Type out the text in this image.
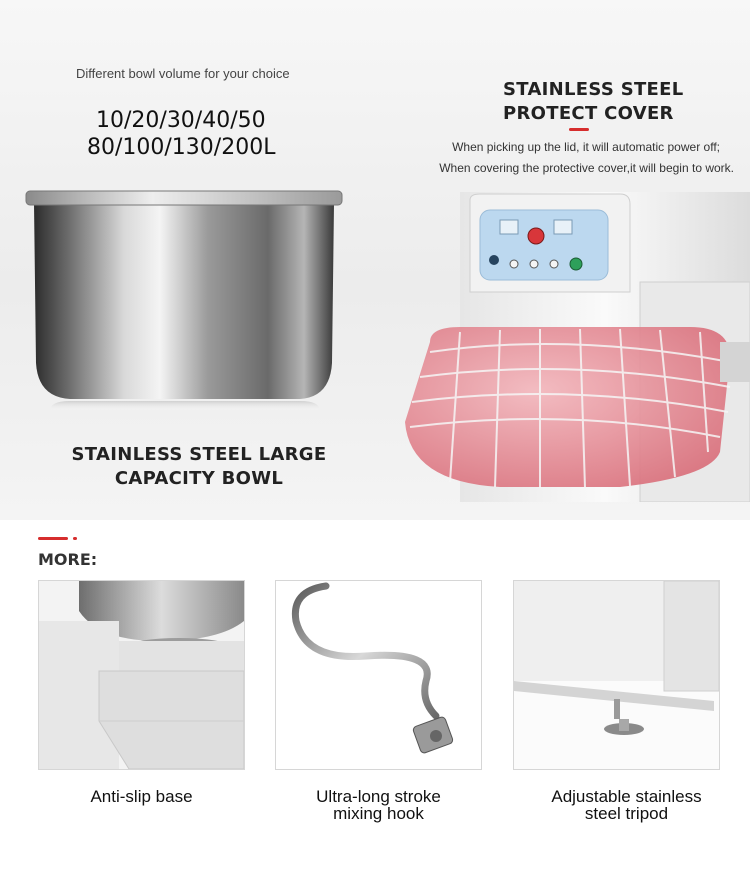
Different bowl volume for your choice
10/20/30/40/50
80/100/130/200L
STAINLESS STEEL LARGE
CAPACITY BOWL
STAINLESS STEEL
PROTECT COVER
When picking up the lid, it will automatic power off;
When covering the protective cover,it will begin to work.
MORE:
Anti-slip base	Ultra-long stroke
mixing hook
Adjustable stainless
steel tripod
